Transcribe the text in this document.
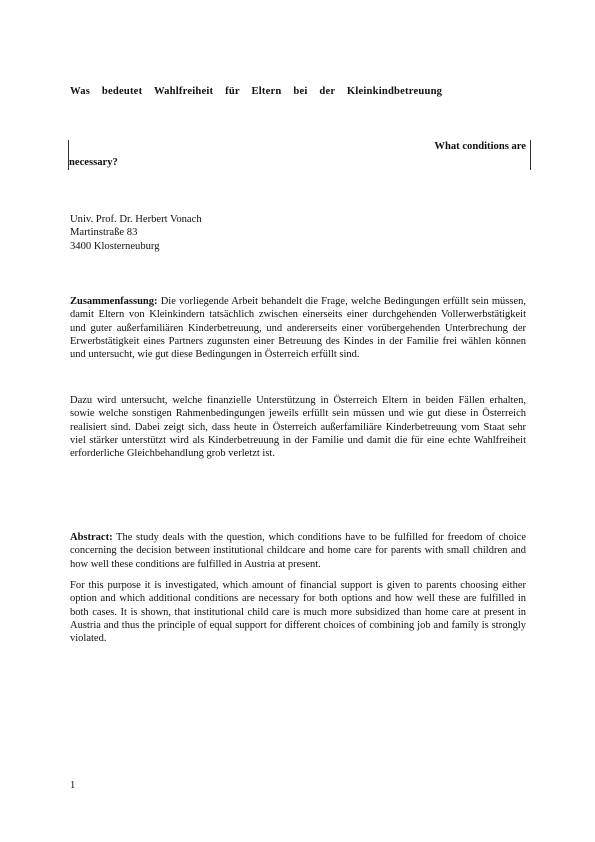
Was bedeutet Wahlfreiheit für Eltern bei der Kleinkindbetreuung
What conditions are
necessary?
Univ. Prof. Dr. Herbert Vonach
Martinstraße 83
3400 Klosterneuburg
Zusammenfassung: Die vorliegende Arbeit behandelt die Frage, welche Bedingungen erfüllt sein müssen, damit Eltern von Kleinkindern tatsächlich zwischen einerseits einer durchgehenden Vollerwerbstätigkeit und guter außerfamiliären Kinderbetreuung, und andererseits einer vorübergehenden Unterbrechung der Erwerbstätigkeit eines Partners zugunsten einer Betreuung des Kindes in der Familie frei wählen können und untersucht, wie gut diese Bedingungen in Österreich erfüllt sind.
Dazu wird untersucht, welche finanzielle Unterstützung in Österreich Eltern in beiden Fällen erhalten, sowie welche sonstigen Rahmenbedingungen jeweils erfüllt sein müssen und wie gut diese in Österreich realisiert sind. Dabei zeigt sich, dass heute in Österreich außerfamiliäre Kinderbetreuung vom Staat sehr viel stärker unterstützt wird als Kinderbetreuung in der Familie und damit die für eine echte Wahlfreiheit erforderliche Gleichbehandlung grob verletzt ist.
Abstract: The study deals with the question, which conditions have to be fulfilled for freedom of choice concerning the decision between institutional childcare and home care for parents with small children and how well these conditions are fulfilled in Austria at present.
For this purpose it is investigated, which amount of financial support is given to parents choosing either option and which additional conditions are necessary for both options and how well these are fulfilled in both cases. It is shown, that institutional child care is much more subsidized than home care at present in Austria and thus the principle of equal support for different choices of combining job and family is strongly violated.
1
